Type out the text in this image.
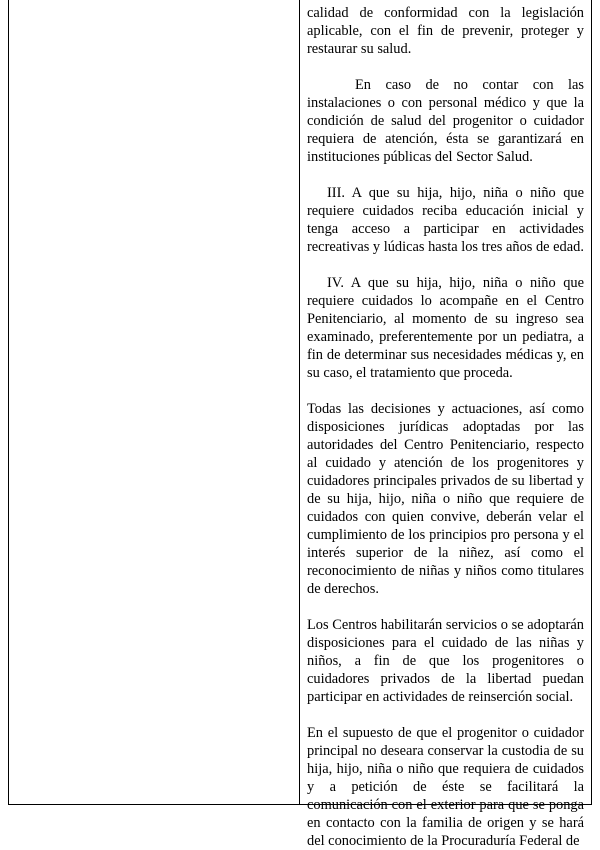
calidad de conformidad con la legislación aplicable, con el fin de prevenir, proteger y restaurar su salud.

En caso de no contar con las instalaciones o con personal médico y que la condición de salud del progenitor o cuidador requiera de atención, ésta se garantizará en instituciones públicas del Sector Salud.

III. A que su hija, hijo, niña o niño que requiere cuidados reciba educación inicial y tenga acceso a participar en actividades recreativas y lúdicas hasta los tres años de edad.

IV. A que su hija, hijo, niña o niño que requiere cuidados lo acompañe en el Centro Penitenciario, al momento de su ingreso sea examinado, preferentemente por un pediatra, a fin de determinar sus necesidades médicas y, en su caso, el tratamiento que proceda.

Todas las decisiones y actuaciones, así como disposiciones jurídicas adoptadas por las autoridades del Centro Penitenciario, respecto al cuidado y atención de los progenitores y cuidadores principales privados de su libertad y de su hija, hijo, niña o niño que requiere de cuidados con quien convive, deberán velar el cumplimiento de los principios pro persona y el interés superior de la niñez, así como el reconocimiento de niñas y niños como titulares de derechos.

Los Centros habilitarán servicios o se adoptarán disposiciones para el cuidado de las niñas y niños, a fin de que los progenitores o cuidadores privados de la libertad puedan participar en actividades de reinserción social.

En el supuesto de que el progenitor o cuidador principal no deseara conservar la custodia de su hija, hijo, niña o niño que requiera de cuidados y a petición de éste se facilitará la comunicación con el exterior para que se ponga en contacto con la familia de origen y se hará del conocimiento de la Procuraduría Federal de
